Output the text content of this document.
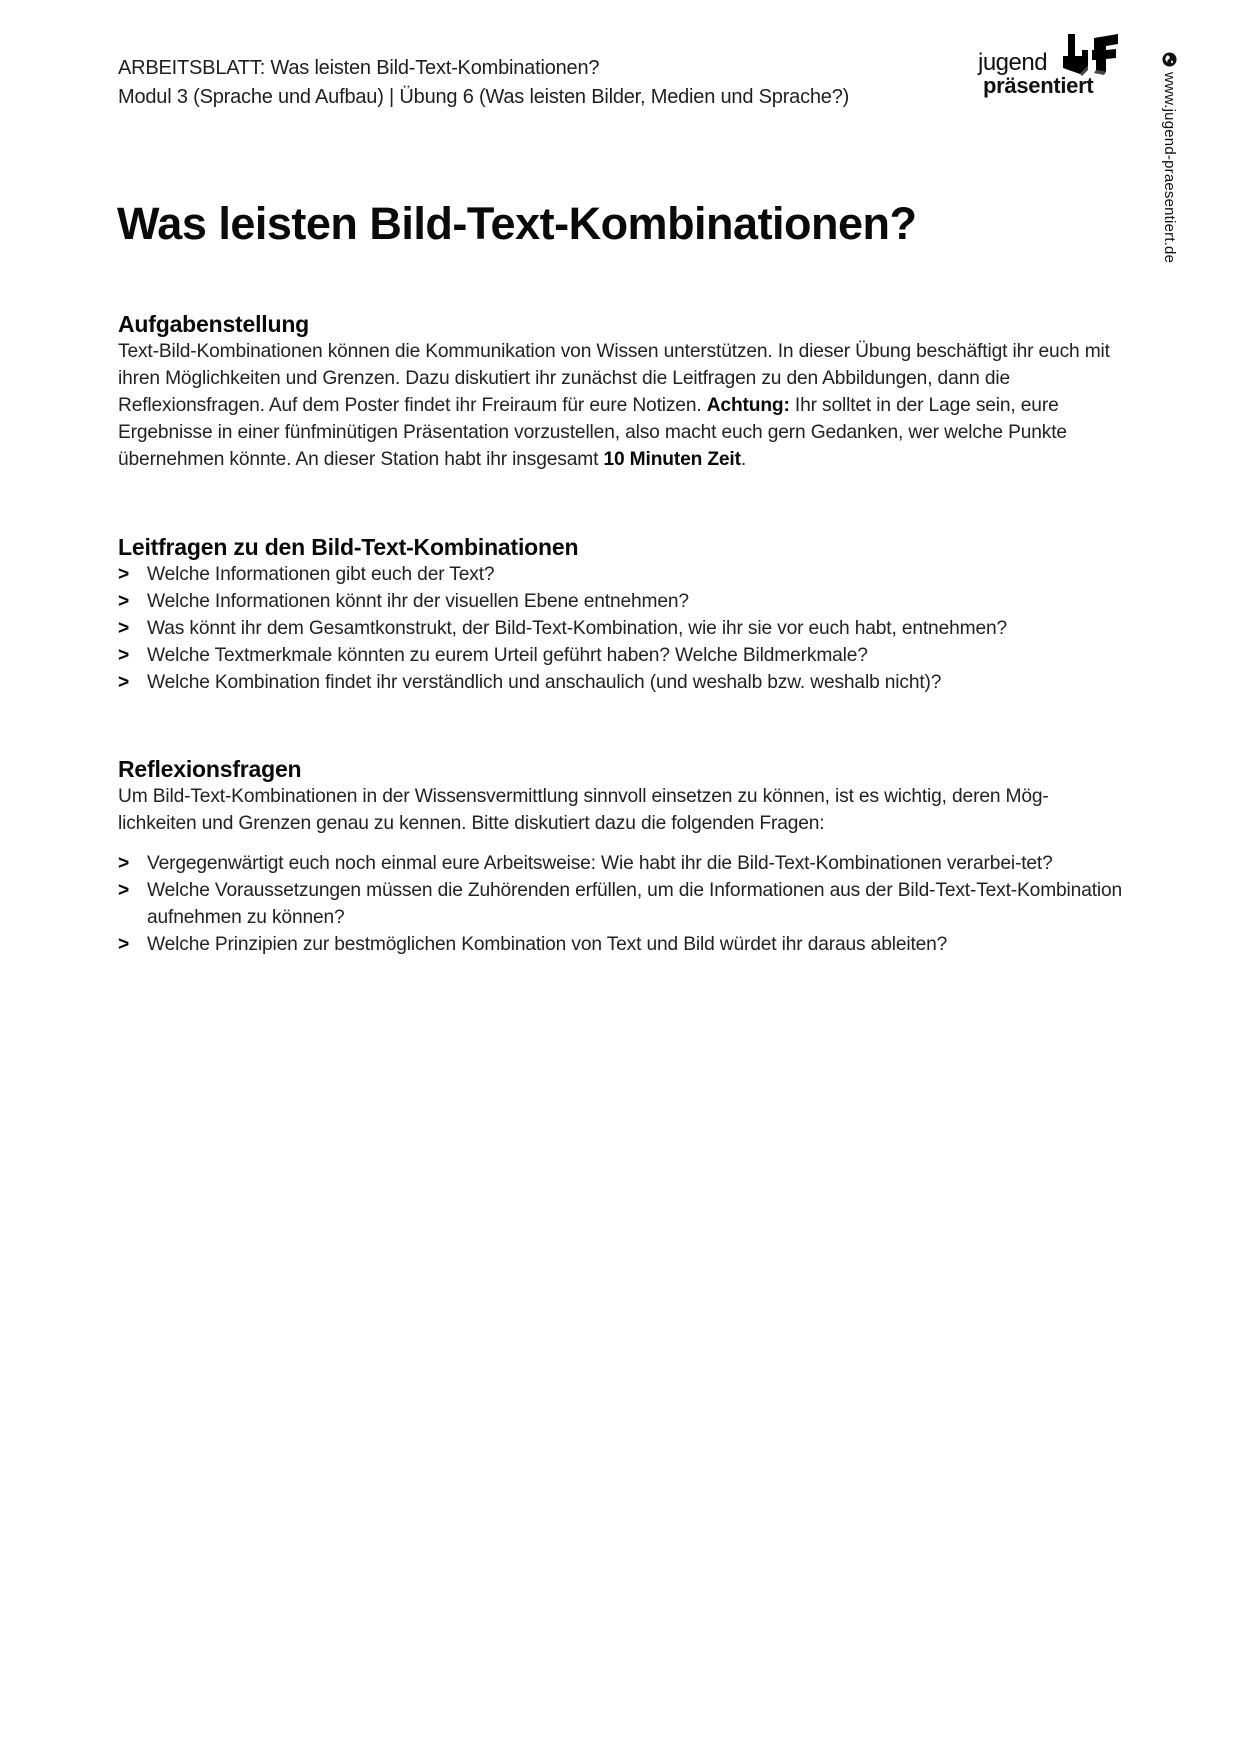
ARBEITSBLATT: Was leisten Bild-Text-Kombinationen?
Modul 3 (Sprache und Aufbau) | Übung 6 (Was leisten Bilder, Medien und Sprache?)
jugend
präsentiert	www.jugend-praesentiert.de
Was leisten Bild-Text-Kombinationen?
Aufgabenstellung

Text-Bild-Kombinationen können die Kommunikation von Wissen unterstützen. In dieser Übung beschäftigt ihr euch mit ihren Möglichkeiten und Grenzen. Dazu diskutiert ihr zunächst die Leitfragen zu den Abbildungen, dann die Reflexionsfragen. Auf dem Poster findet ihr Freiraum für eure Notizen. Achtung: Ihr solltet in der Lage sein, eure Ergebnisse in einer fünfminütigen Präsentation vorzustellen, also macht euch gern Gedanken, wer welche Punkte übernehmen könnte. An dieser Station habt ihr insgesamt 10 Minuten Zeit.

Leitfragen zu den Bild-Text-Kombinationen
> Welche Informationen gibt euch der Text?
> Welche Informationen könnt ihr der visuellen Ebene entnehmen?
> Was könnt ihr dem Gesamtkonstrukt, der Bild-Text-Kombination, wie ihr sie vor euch habt, entnehmen?
> Welche Textmerkmale könnten zu eurem Urteil geführt haben? Welche Bildmerkmale?
> Welche Kombination findet ihr verständlich und anschaulich (und weshalb bzw. weshalb nicht)?
Reflexionsfragen

Um Bild-Text-Kombinationen in der Wissensvermittlung sinnvoll einsetzen zu können, ist es wichtig, deren Mög-lichkeiten und Grenzen genau zu kennen. Bitte diskutiert dazu die folgenden Fragen:

> Vergegenwärtigt euch noch einmal eure Arbeitsweise: Wie habt ihr die Bild-Text-Kombinationen verarbei-tet?
> Welche Voraussetzungen müssen die Zuhörenden erfüllen, um die Informationen aus der Bild-Text-Text-Kombination aufnehmen zu können?
> Welche Prinzipien zur bestmöglichen Kombination von Text und Bild würdet ihr daraus ableiten?
